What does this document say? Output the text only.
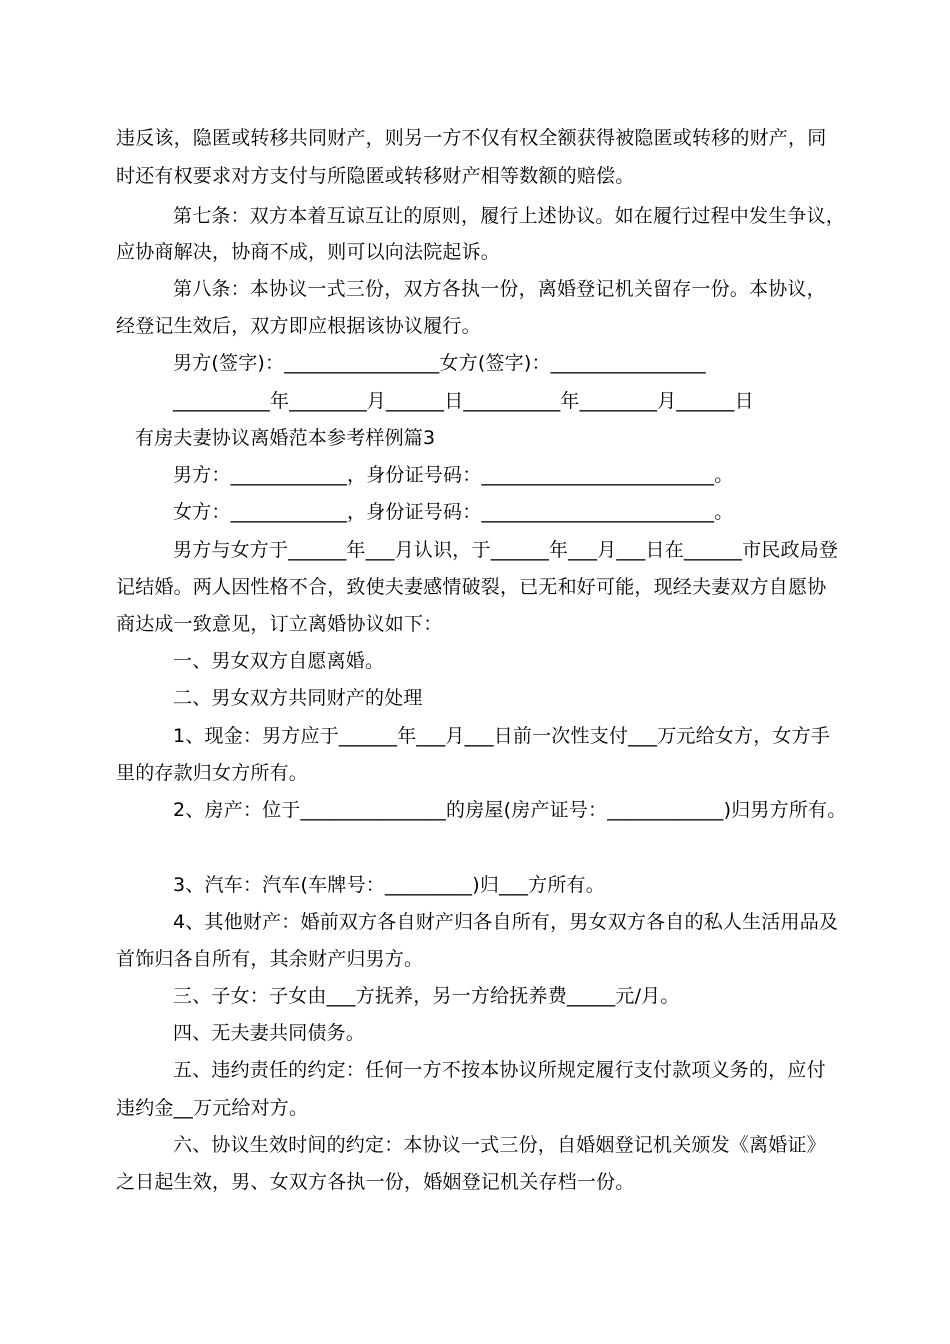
违反该，隐匿或转移共同财产，则另一方不仅有权全额获得被隐匿或转移的财产，同
时还有权要求对方支付与所隐匿或转移财产相等数额的赔偿。
第七条：双方本着互谅互让的原则，履行上述协议。如在履行过程中发生争议，
应协商解决，协商不成，则可以向法院起诉。
第八条：本协议一式三份，双方各执一份，离婚登记机关留存一份。本协议，
经登记生效后，双方即应根据该协议履行。
男方(签字)：________________女方(签字)：________________
__________年________月______日__________年________月______日
有房夫妻协议离婚范本参考样例篇3
男方：____________，身份证号码：________________________。
女方：____________，身份证号码：________________________。
男方与女方于______年___月认识，于______年___月___日在______市民政局登
记结婚。两人因性格不合，致使夫妻感情破裂，已无和好可能，现经夫妻双方自愿协
商达成一致意见，订立离婚协议如下：
一、男女双方自愿离婚。
二、男女双方共同财产的处理
1、现金：男方应于______年___月___日前一次性支付___万元给女方，女方手
里的存款归女方所有。
2、房产：位于_______________的房屋(房产证号：____________)归男方所有。
3、汽车：汽车(车牌号：_________)归___方所有。
4、其他财产：婚前双方各自财产归各自所有，男女双方各自的私人生活用品及
首饰归各自所有，其余财产归男方。
三、子女：子女由___方抚养，另一方给抚养费_____元/月。
四、无夫妻共同债务。
五、违约责任的约定：任何一方不按本协议所规定履行支付款项义务的，应付
违约金__万元给对方。
六、协议生效时间的约定：本协议一式三份，自婚姻登记机关颁发《离婚证》
之日起生效，男、女双方各执一份，婚姻登记机关存档一份。
